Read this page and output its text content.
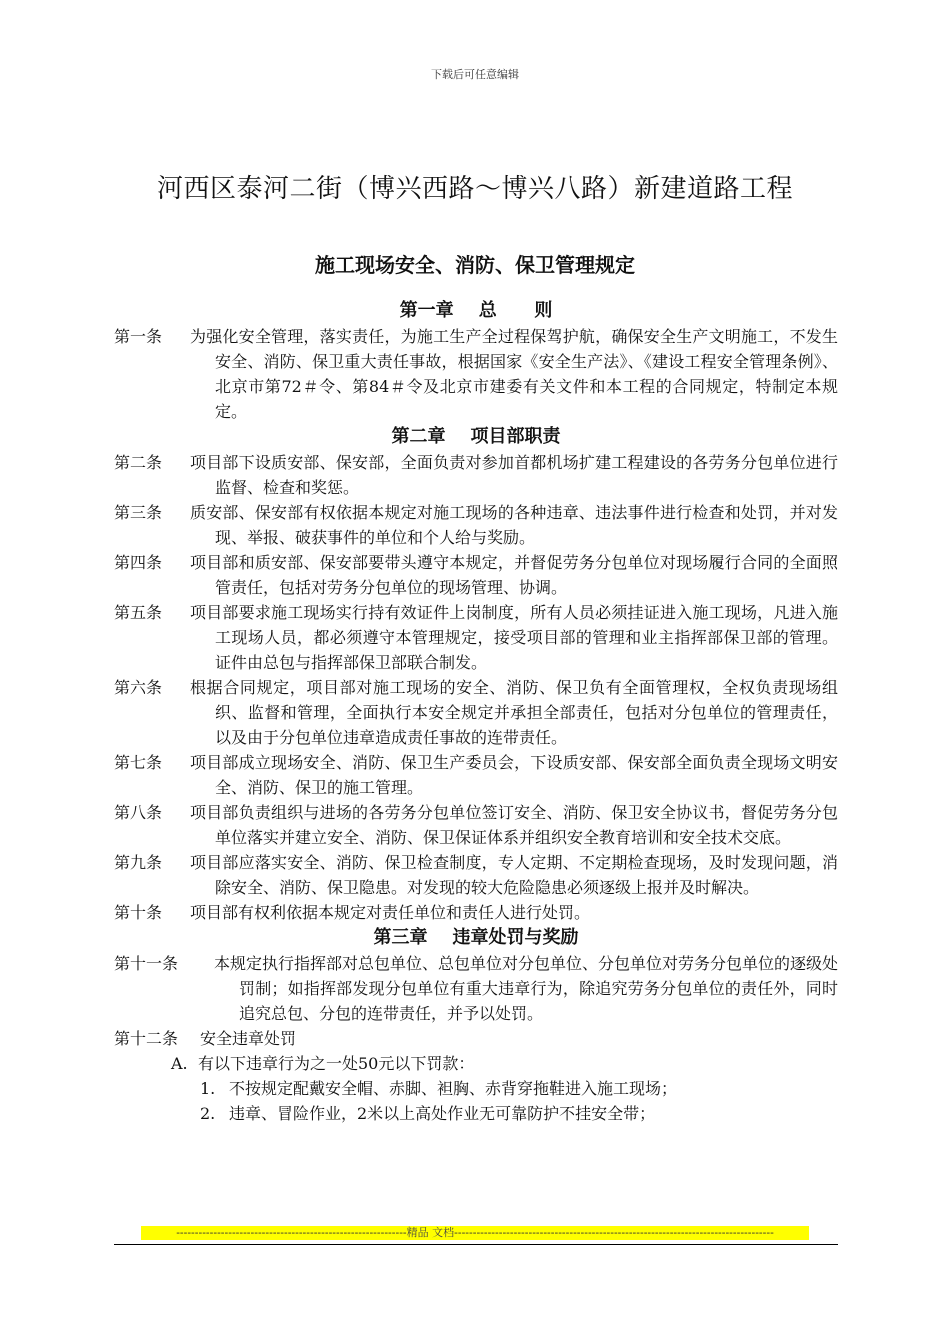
下载后可任意编辑
河西区泰河二街（博兴西路～博兴八路）新建道路工程
施工现场安全、消防、保卫管理规定
第一章    总      则
第一条	为强化安全管理，落实责任，为施工生产全过程保驾护航，确保安全生产文明施工，不发生安全、消防、保卫重大责任事故，根据国家《安全生产法》、《建设工程安全管理条例》、北京市第72＃令、第84＃令及北京市建委有关文件和本工程的合同规定，特制定本规定。
第二章    项目部职责
第二条	项目部下设质安部、保安部，全面负责对参加首都机场扩建工程建设的各劳务分包单位进行监督、检查和奖惩。
第三条	质安部、保安部有权依据本规定对施工现场的各种违章、违法事件进行检查和处罚，并对发现、举报、破获事件的单位和个人给与奖励。
第四条	项目部和质安部、保安部要带头遵守本规定，并督促劳务分包单位对现场履行合同的全面照管责任，包括对劳务分包单位的现场管理、协调。
第五条	项目部要求施工现场实行持有效证件上岗制度，所有人员必须挂证进入施工现场，凡进入施工现场人员，都必须遵守本管理规定，接受项目部的管理和业主指挥部保卫部的管理。证件由总包与指挥部保卫部联合制发。
第六条	根据合同规定，项目部对施工现场的安全、消防、保卫负有全面管理权，全权负责现场组织、监督和管理，全面执行本安全规定并承担全部责任，包括对分包单位的管理责任，以及由于分包单位违章造成责任事故的连带责任。
第七条	项目部成立现场安全、消防、保卫生产委员会，下设质安部、保安部全面负责全现场文明安全、消防、保卫的施工管理。
第八条	项目部负责组织与进场的各劳务分包单位签订安全、消防、保卫安全协议书，督促劳务分包单位落实并建立安全、消防、保卫保证体系并组织安全教育培训和安全技术交底。
第九条	项目部应落实安全、消防、保卫检查制度，专人定期、不定期检查现场，及时发现问题，消除安全、消防、保卫隐患。对发现的较大危险隐患必须逐级上报并及时解决。
第十条	项目部有权利依据本规定对责任单位和责任人进行处罚。
第三章    违章处罚与奖励
第十一条	本规定执行指挥部对总包单位、总包单位对分包单位、分包单位对劳务分包单位的逐级处罚制；如指挥部发现分包单位有重大违章行为，除追究劳务分包单位的责任外，同时追究总包、分包的连带责任，并予以处罚。
第十二条	安全违章处罚
A. 有以下违章行为之一处50元以下罚款：
1. 不按规定配戴安全帽、赤脚、袒胸、赤背穿拖鞋进入施工现场；
2. 违章、冒险作业，2米以上高处作业无可靠防护不挂安全带；
--------------------------------------------------------------精品 文档--------------------------------------------------------------------------------------
